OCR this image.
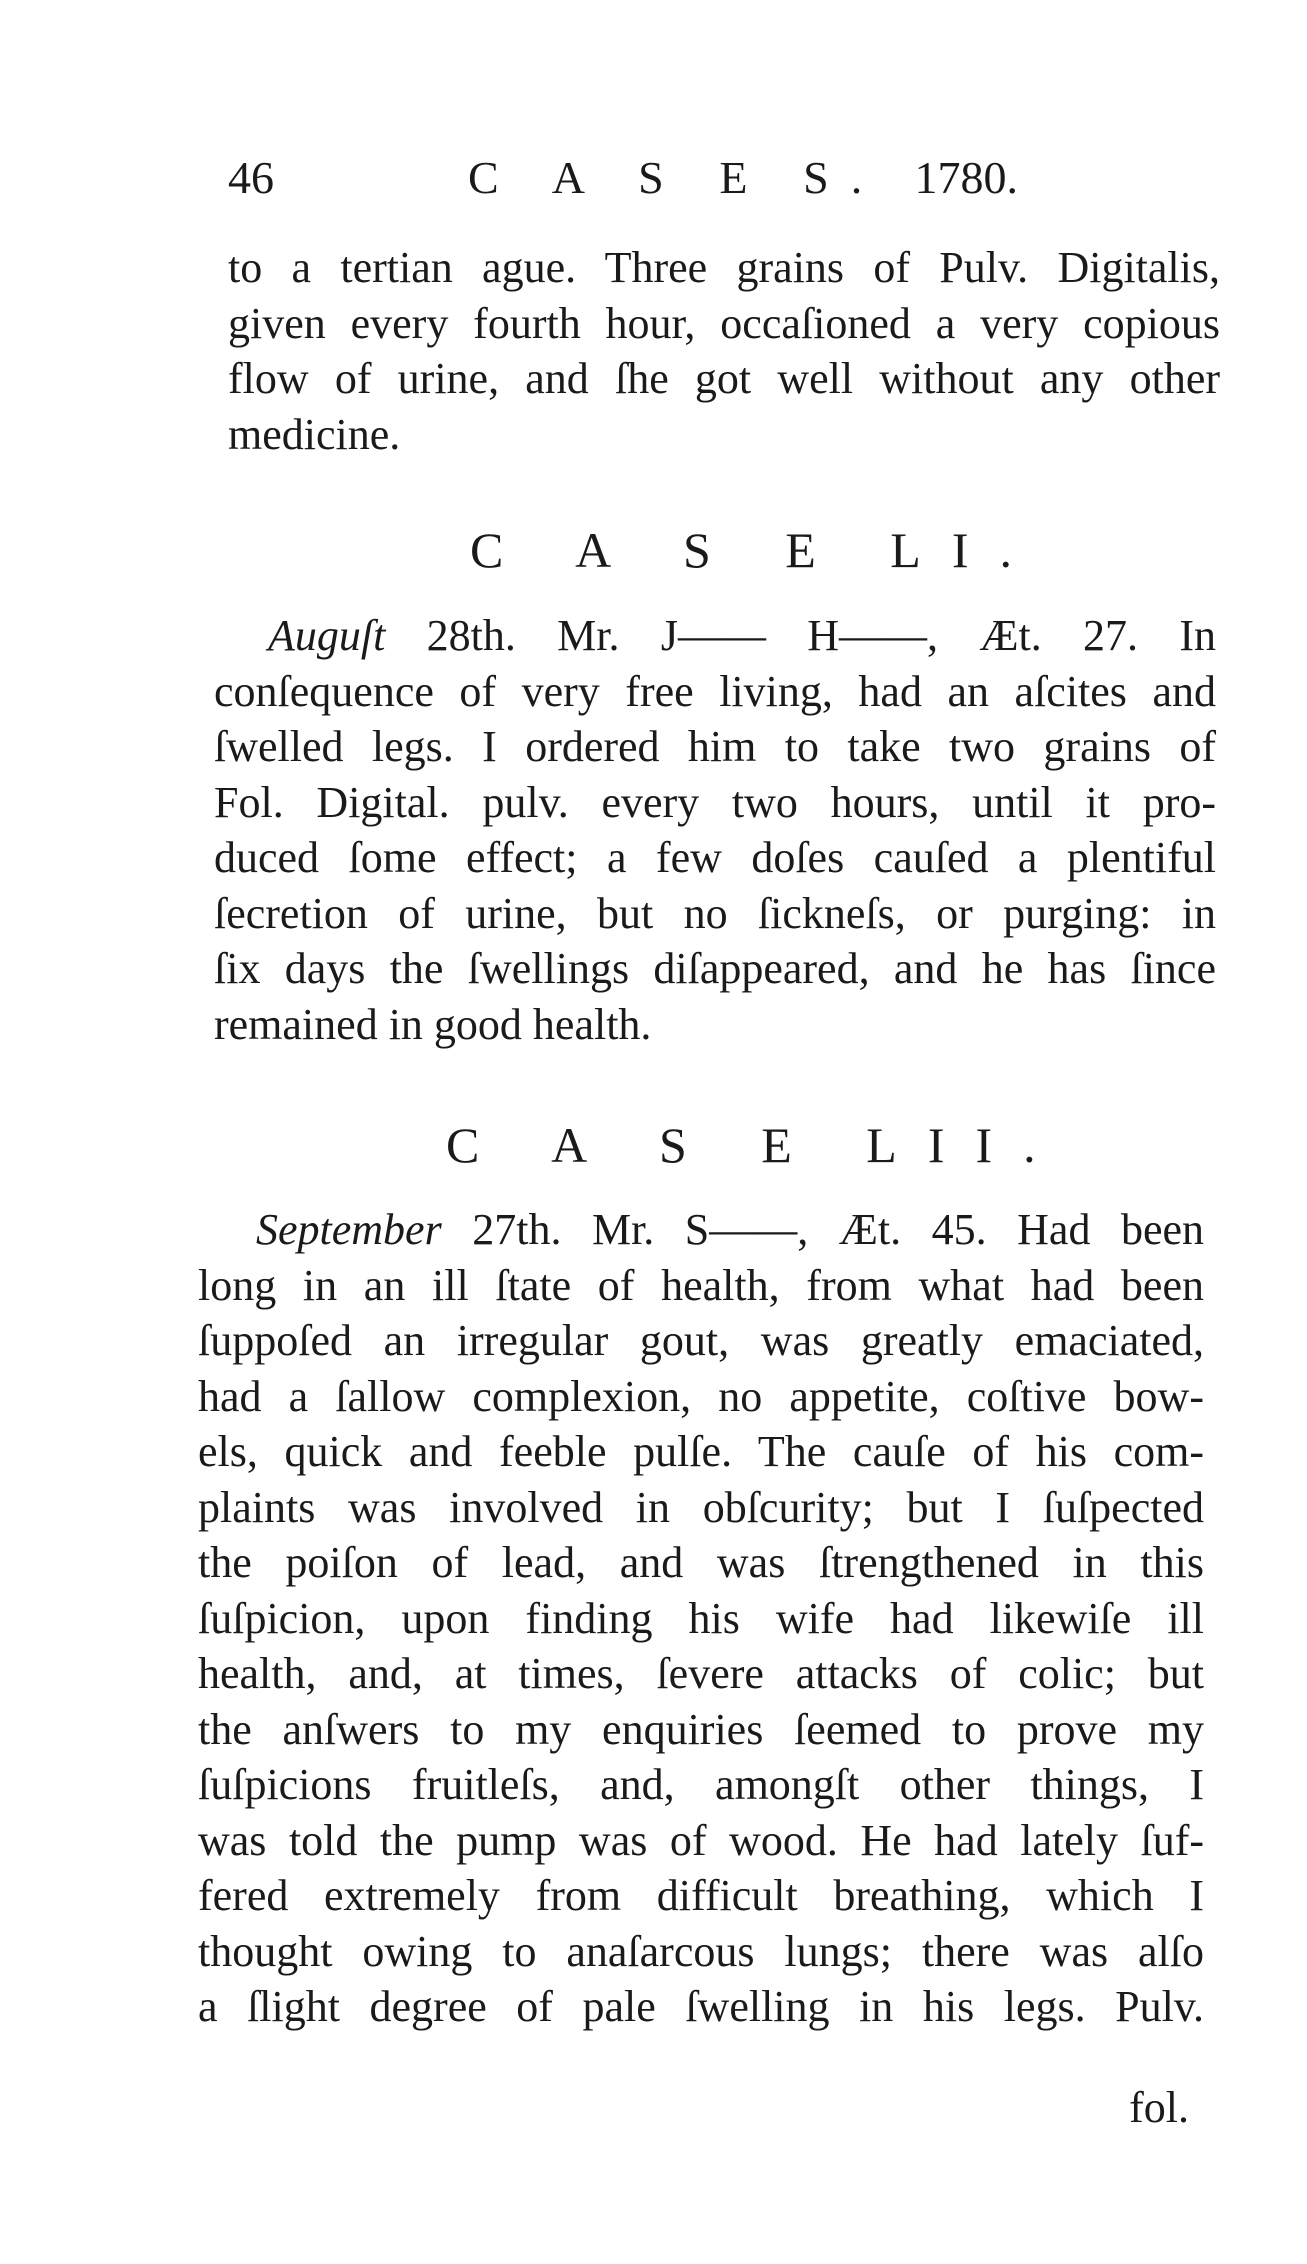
46	C A S E S. 1780.
to a tertian ague. Three grains of Pulv. Digitalis,
given every fourth hour, occaſioned a very copious
flow of urine, and ſhe got well without any other
medicine.
C A S E LI.
Auguſt 28th. Mr. J—— H——, Æt. 27. In
conſequence of very free living, had an aſcites and
ſwelled legs. I ordered him to take two grains of
Fol. Digital. pulv. every two hours, until it pro-
duced ſome effect; a few doſes cauſed a plentiful
ſecretion of urine, but no ſickneſs, or purging: in
ſix days the ſwellings diſappeared, and he has ſince
remained in good health.
C A S E LII.
September 27th. Mr. S——, Æt. 45. Had been
long in an ill ſtate of health, from what had been
ſuppoſed an irregular gout, was greatly emaciated,
had a ſallow complexion, no appetite, coſtive bow-
els, quick and feeble pulſe. The cauſe of his com-
plaints was involved in obſcurity; but I ſuſpected
the poiſon of lead, and was ſtrengthened in this
ſuſpicion, upon finding his wife had likewiſe ill
health, and, at times, ſevere attacks of colic; but
the anſwers to my enquiries ſeemed to prove my
ſuſpicions fruitleſs, and, amongſt other things, I
was told the pump was of wood. He had lately ſuf-
fered extremely from difficult breathing, which I
thought owing to anaſarcous lungs; there was alſo
a ſlight degree of pale ſwelling in his legs. Pulv.
fol.
